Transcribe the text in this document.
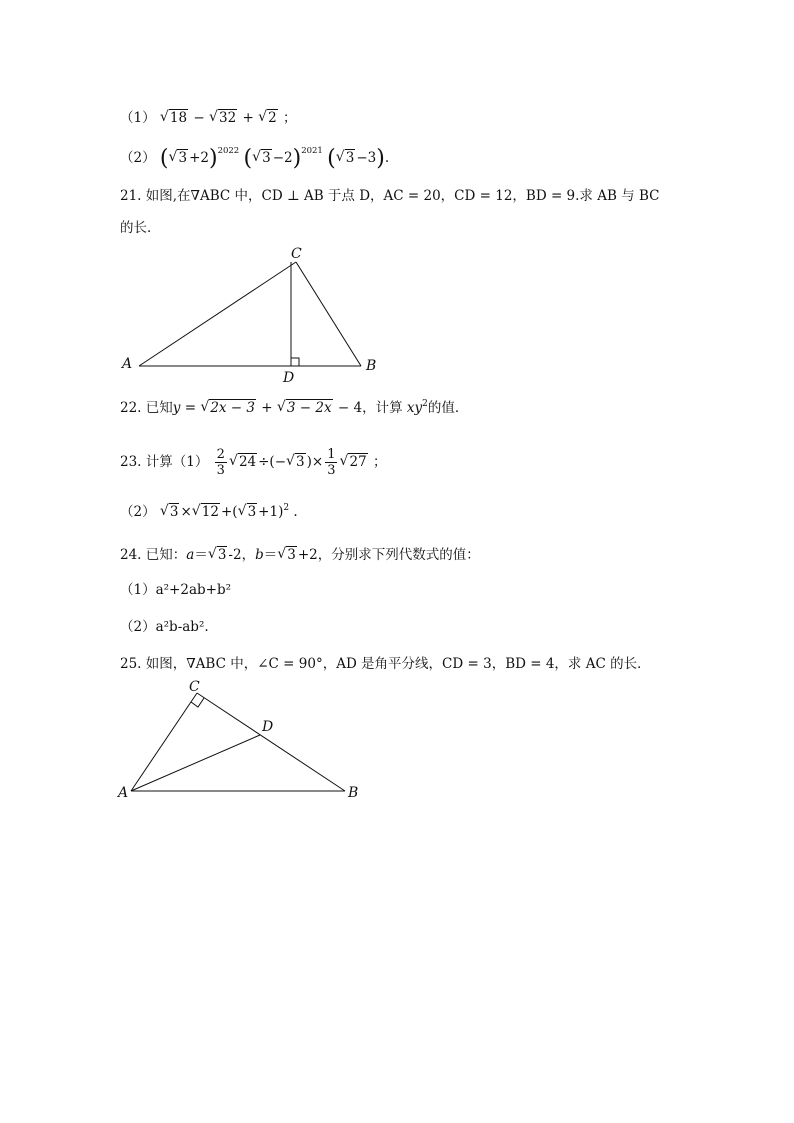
（1） √ 18 − √ 32 + √ 2 ；
（2） ( √ 3 +2)$^{2022}$ ( √ 3 −2)$^{2021}$ ( √ 3 −3).
21. 如图,在∇ABC 中，CD ⊥ AB 于点 D，AC = 20，CD = 12，BD = 9.求 AB 与 BC
的长．
C
A	B
D
22. 已知y = √ 2x − 3 + √ 3 − 2x − 4，计算 $xy^2$的值．
23. 计算$(1) \frac{2}{3}$ √ 24 ÷(− √ 3 )× $\frac{1}{3}$ √ 27 ；
（2） √ 3 × √ 12 +( √ 3 +1)$^2$ .
24. 已知：a＝ √ 3 -2，b＝ √ 3 +2，分别求下列代数式的值：
（1）a²+2ab+b²
（2）a²b-ab².
25. 如图，∇ABC 中，∠C = 90°，AD 是角平分线，CD = 3，BD = 4，求 AC 的长．
C
D
A	B
